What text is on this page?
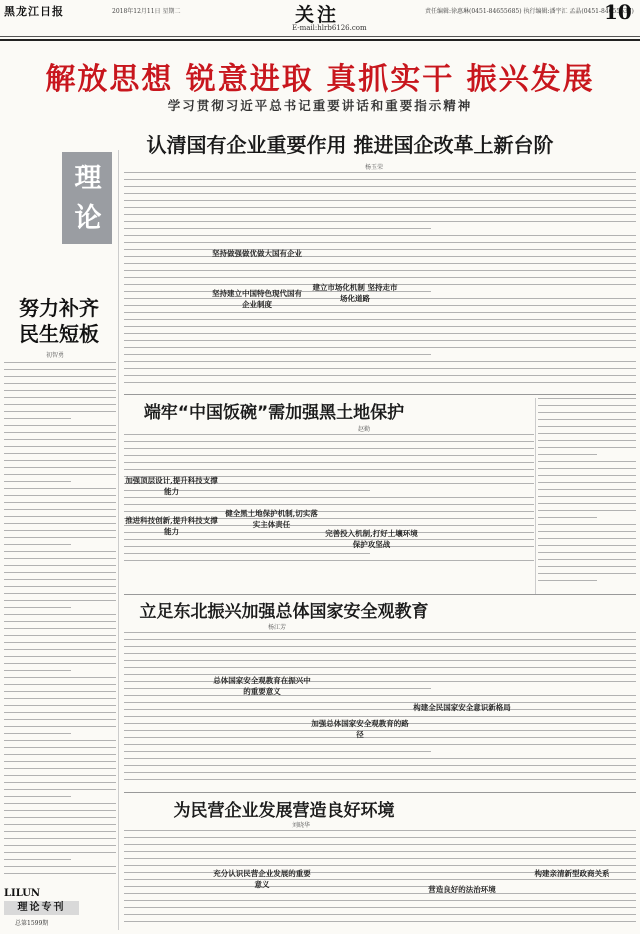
黑龙江日报	2018年12月11日 星期二	关注
E-mail:hlrb6126.com
责任编辑:徐惠琳(0451-84655685) 执行编辑:潘宇汇 孟晶(0451-84655637)
10
解放思想 锐意进取 真抓实干 振兴发展
学习贯彻习近平总书记重要讲话和重要指示精神
理
论
努力补齐
民生短板
初智勇
LILUN
理论专刊
总第1599期
认清国有企业重要作用 推进国企改革上新台阶
杨玉荣
坚持做强做优做大国有企业
坚持建立中国特色现代国有企业制度
建立市场化机制 坚持走市场化道路
端牢“中国饭碗”需加强黑土地保护
赵勤
加强顶层设计,提升科技支撑能力
推进科技创新,提升科技支撑能力
健全黑土地保护机制,切实落实主体责任
完善投入机制,打好土壤环境保护攻坚战
立足东北振兴加强总体国家安全观教育
杨江芳
总体国家安全观教育在振兴中的重要意义
加强总体国家安全观教育的路径
构建全民国家安全意识新格局
为民营企业发展营造良好环境
刘晓华
充分认识民营企业发展的重要意义
营造良好的法治环境
构建亲清新型政商关系
